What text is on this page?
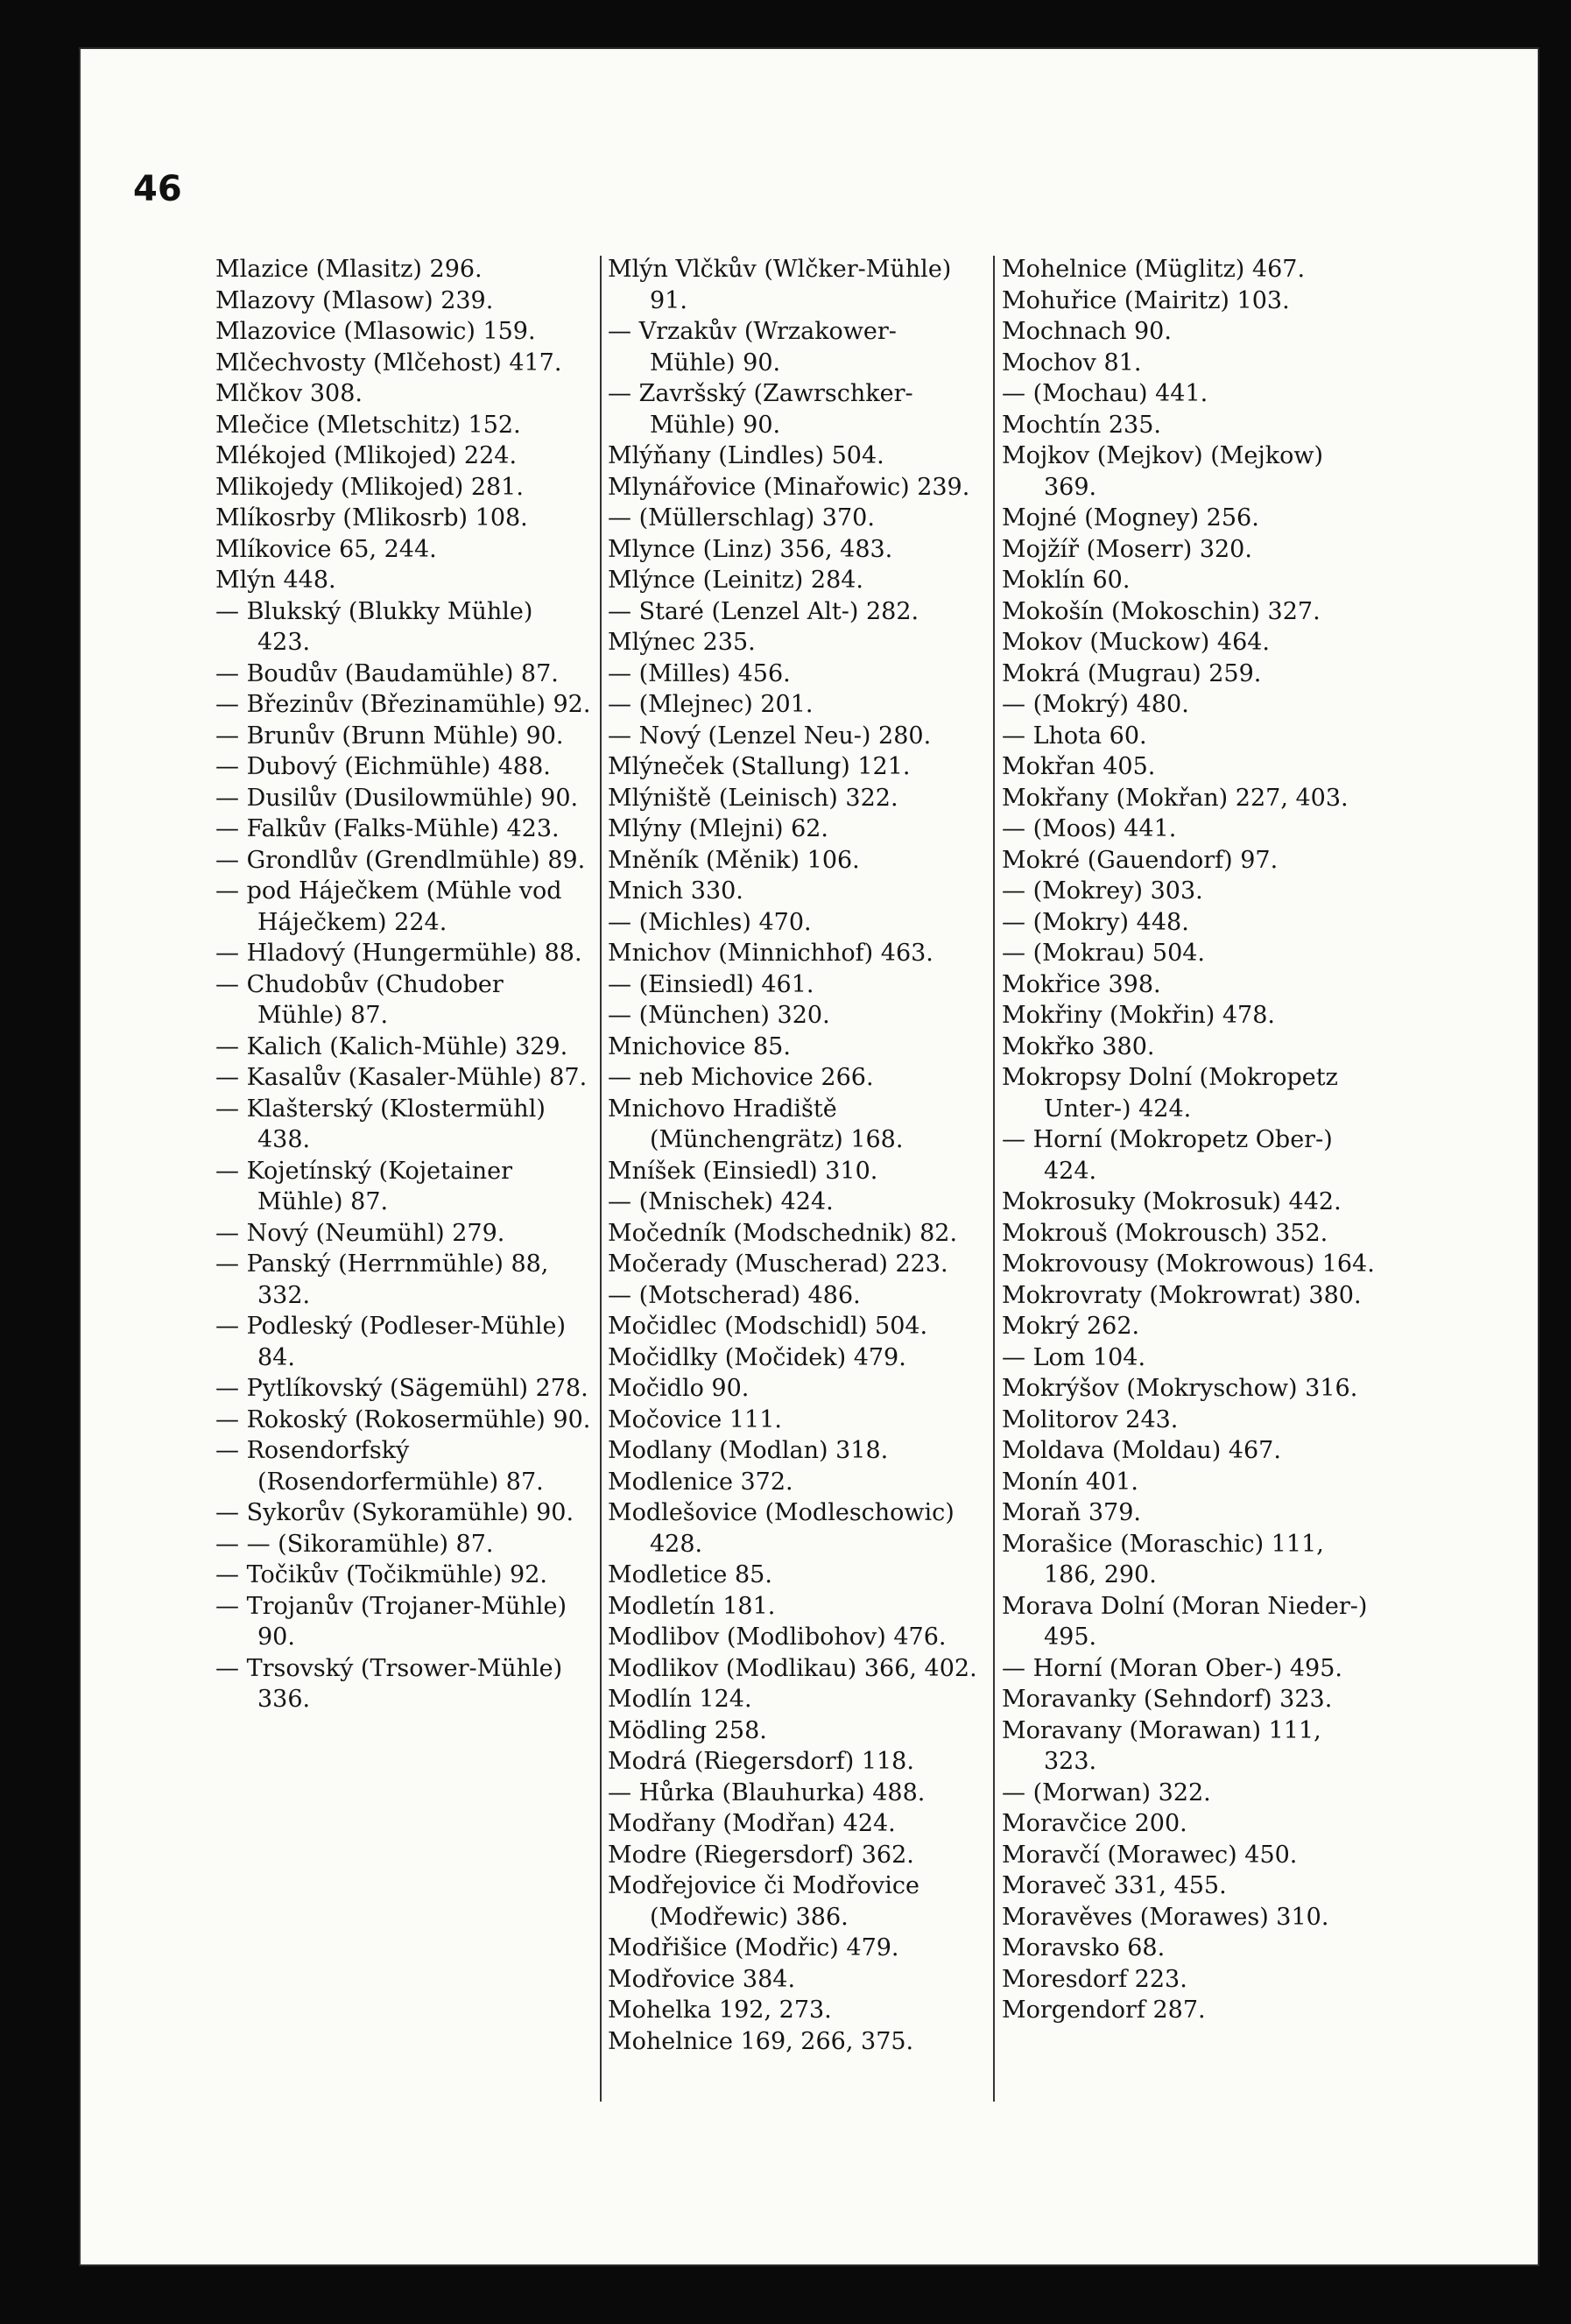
46

Mlazice (Mlasitz) 296.

Mlazovy (Mlasow) 239.

Mlazovice (Mlasowic) 159.

Mlčechvosty (Mlčehost) 417.

Mlčkov 308.

Mlečice (Mletschitz) 152.

Mlékojed (Mlikojed) 224.

Mlikojedy (Mlikojed) 281.

Mlíkosrby (Mlikosrb) 108.

Mlíkovice 65, 244.

Mlýn 448.

— Blukský (Blukky Mühle) 423.

— Boudův (Baudamühle) 87.

— Březinův (Březinamühle) 92.

— Brunův (Brunn Mühle) 90.

— Dubový (Eichmühle) 488.

— Dusilův (Dusilowmühle) 90.

— Falkův (Falks-Mühle) 423.

— Grondlův (Grendlmühle) 89.

— pod Háječkem (Mühle vod Háječkem) 224.

— Hladový (Hungermühle) 88.

— Chudobův (Chudober Mühle) 87.

— Kalich (Kalich-Mühle) 329.

— Kasalův (Kasaler-Mühle) 87.

— Klašterský (Klostermühl) 438.

— Kojetínský (Kojetainer Mühle) 87.

— Nový (Neumühl) 279.

— Panský (Herrnmühle) 88, 332.

— Podleský (Podleser-Mühle) 84.

— Pytlíkovský (Sägemühl) 278.

— Rokoský (Rokosermühle) 90.

— Rosendorfský (Rosendorfermühle) 87.

— Sykorův (Sykoramühle) 90.

— — (Sikoramühle) 87.

— Točikův (Točikmühle) 92.

— Trojanův (Trojaner-Mühle) 90.

— Trsovský (Trsower-Mühle) 336.

Mlýn Vlčkův (Wlčker-Mühle) 91.

— Vrzakův (Wrzakower-Mühle) 90.

— Završský (Zawrschker-Mühle) 90.

Mlýňany (Lindles) 504.

Mlynářovice (Minařowic) 239.

— (Müllerschlag) 370.

Mlynce (Linz) 356, 483.

Mlýnce (Leinitz) 284.

— Staré (Lenzel Alt-) 282.

Mlýnec 235.

— (Milles) 456.

— (Mlejnec) 201.

— Nový (Lenzel Neu-) 280.

Mlýneček (Stallung) 121.

Mlýniště (Leinisch) 322.

Mlýny (Mlejni) 62.

Mněník (Měnik) 106.

Mnich 330.

— (Michles) 470.

Mnichov (Minnichhof) 463.

— (Einsiedl) 461.

— (München) 320.

Mnichovice 85.

— neb Michovice 266.

Mnichovo Hradiště (Münchengrätz) 168.

Mníšek (Einsiedl) 310.

— (Mnischek) 424.

Močedník (Modschednik) 82.

Močerady (Muscherad) 223.

— (Motscherad) 486.

Močidlec (Modschidl) 504.

Močidlky (Močidek) 479.

Močidlo 90.

Močovice 111.

Modlany (Modlan) 318.

Modlenice 372.

Modlešovice (Modleschowic) 428.

Modletice 85.

Modletín 181.

Modlibov (Modlibohov) 476.

Modlikov (Modlikau) 366, 402.

Modlín 124.

Mödling 258.

Modrá (Riegersdorf) 118.

— Hůrka (Blauhurka) 488.

Modřany (Modřan) 424.

Modre (Riegersdorf) 362.

Modřejovice či Modřovice (Modřewic) 386.

Modřišice (Modřic) 479.

Modřovice 384.

Mohelka 192, 273.

Mohelnice 169, 266, 375.

Mohelnice (Müglitz) 467.

Mohuřice (Mairitz) 103.

Mochnach 90.

Mochov 81.

— (Mochau) 441.

Mochtín 235.

Mojkov (Mejkov) (Mejkow) 369.

Mojné (Mogney) 256.

Mojžíř (Moserr) 320.

Moklín 60.

Mokošín (Mokoschin) 327.

Mokov (Muckow) 464.

Mokrá (Mugrau) 259.

— (Mokrý) 480.

— Lhota 60.

Mokřan 405.

Mokřany (Mokřan) 227, 403.

— (Moos) 441.

Mokré (Gauendorf) 97.

— (Mokrey) 303.

— (Mokry) 448.

— (Mokrau) 504.

Mokřice 398.

Mokřiny (Mokřin) 478.

Mokřko 380.

Mokropsy Dolní (Mokropetz Unter-) 424.

— Horní (Mokropetz Ober-) 424.

Mokrosuky (Mokrosuk) 442.

Mokrouš (Mokrousch) 352.

Mokrovousy (Mokrowous) 164.

Mokrovraty (Mokrowrat) 380.

Mokrý 262.

— Lom 104.

Mokrýšov (Mokryschow) 316.

Molitorov 243.

Moldava (Moldau) 467.

Monín 401.

Moraň 379.

Morašice (Moraschic) 111, 186, 290.

Morava Dolní (Moran Nieder-) 495.

— Horní (Moran Ober-) 495.

Moravanky (Sehndorf) 323.

Moravany (Morawan) 111, 323.

— (Morwan) 322.

Moravčice 200.

Moravčí (Morawec) 450.

Moraveč 331, 455.

Moravěves (Morawes) 310.

Moravsko 68.

Moresdorf 223.

Morgendorf 287.
